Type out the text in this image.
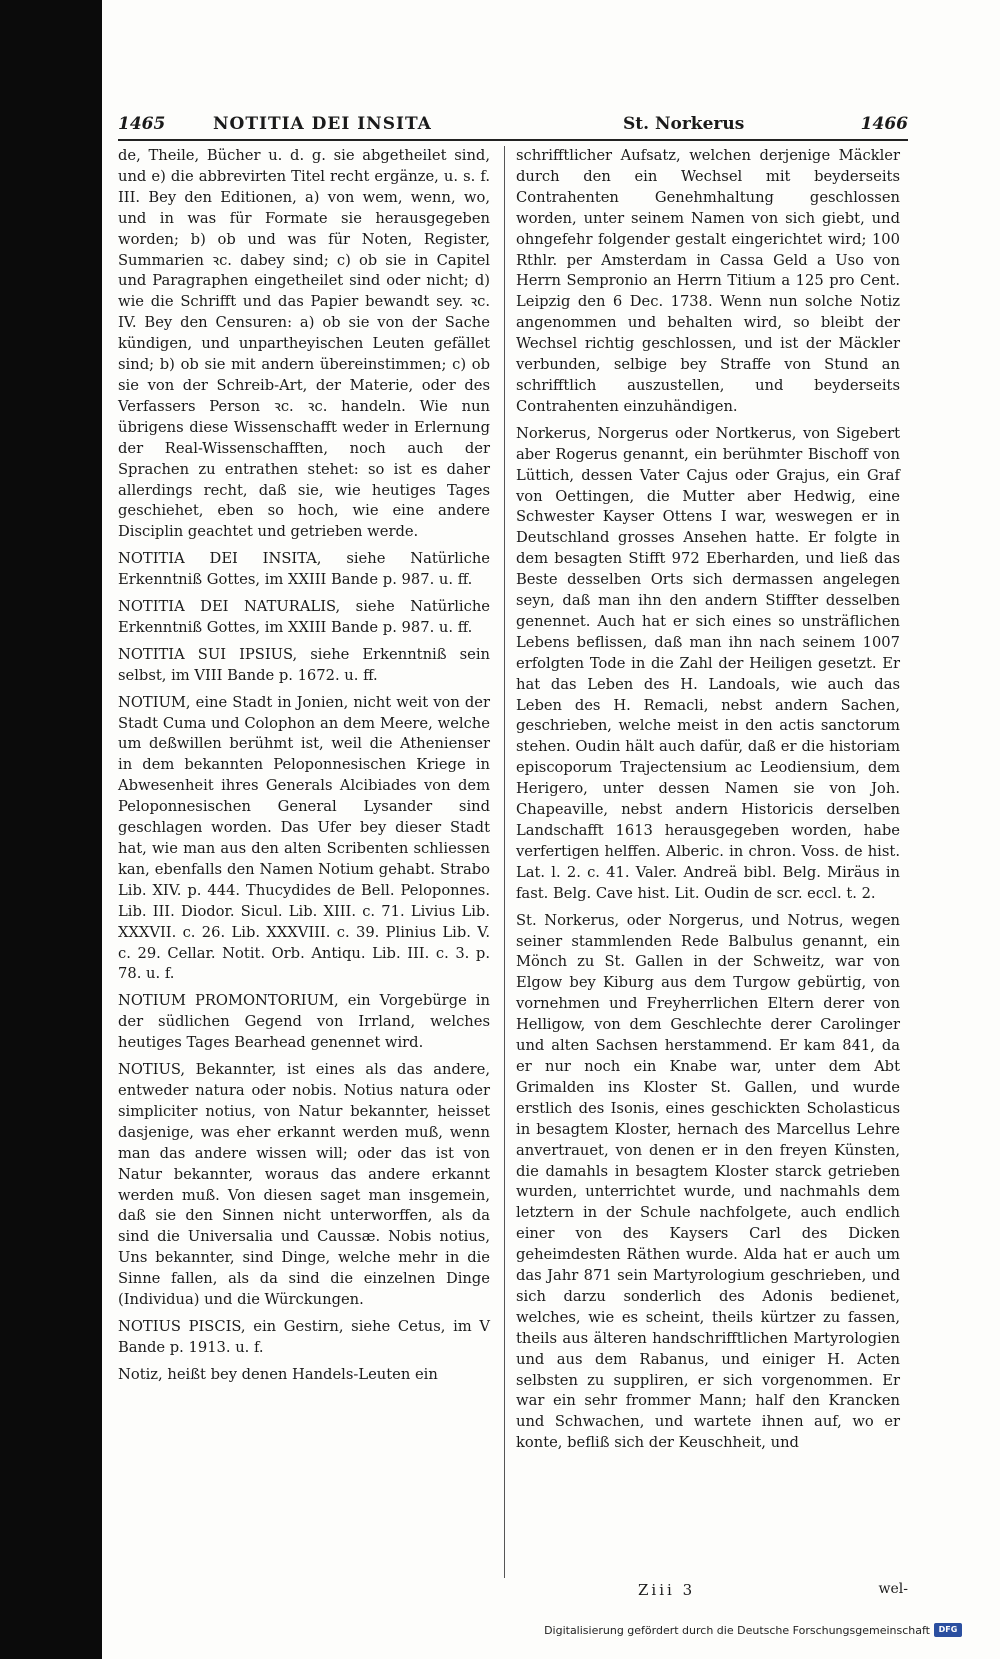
1465	NOTITIA DEI INSITA	St. Norkerus	1466

de, Theile, Bücher u. d. g. sie abgetheilet sind, und e) die abbrevirten Titel recht ergänze, u. s. f. III. Bey den Editionen, a) von wem, wenn, wo, und in was für Formate sie herausgegeben worden; b) ob und was für Noten, Register, Summarien ꝛc. dabey sind; c) ob sie in Capitel und Paragraphen eingetheilet sind oder nicht; d) wie die Schrifft und das Papier bewandt sey. ꝛc. IV. Bey den Censuren: a) ob sie von der Sache kündigen, und unpartheyischen Leuten gefället sind; b) ob sie mit andern übereinstimmen; c) ob sie von der Schreib-Art, der Materie, oder des Verfassers Person ꝛc. ꝛc. handeln. Wie nun übrigens diese Wissenschafft weder in Erlernung der Real-Wissenschafften, noch auch der Sprachen zu entrathen stehet: so ist es daher allerdings recht, daß sie, wie heutiges Tages geschiehet, eben so hoch, wie eine andere Disciplin geachtet und getrieben werde.

NOTITIA DEI INSITA, siehe Natürliche Erkenntniß Gottes, im XXIII Bande p. 987. u. ff.

NOTITIA DEI NATURALIS, siehe Natürliche Erkenntniß Gottes, im XXIII Bande p. 987. u. ff.

NOTITIA SUI IPSIUS, siehe Erkenntniß sein selbst, im VIII Bande p. 1672. u. ff.

NOTIUM, eine Stadt in Jonien, nicht weit von der Stadt Cuma und Colophon an dem Meere, welche um deßwillen berühmt ist, weil die Athenienser in dem bekannten Peloponnesischen Kriege in Abwesenheit ihres Generals Alcibiades von dem Peloponnesischen General Lysander sind geschlagen worden. Das Ufer bey dieser Stadt hat, wie man aus den alten Scribenten schliessen kan, ebenfalls den Namen Notium gehabt. Strabo Lib. XIV. p. 444. Thucydides de Bell. Peloponnes. Lib. III. Diodor. Sicul. Lib. XIII. c. 71. Livius Lib. XXXVII. c. 26. Lib. XXXVIII. c. 39. Plinius Lib. V. c. 29. Cellar. Notit. Orb. Antiqu. Lib. III. c. 3. p. 78. u. f.

NOTIUM PROMONTORIUM, ein Vorgebürge in der südlichen Gegend von Irrland, welches heutiges Tages Bearhead genennet wird.

NOTIUS, Bekannter, ist eines als das andere, entweder natura oder nobis. Notius natura oder simpliciter notius, von Natur bekannter, heisset dasjenige, was eher erkannt werden muß, wenn man das andere wissen will; oder das ist von Natur bekannter, woraus das andere erkannt werden muß. Von diesen saget man insgemein, daß sie den Sinnen nicht unterworffen, als da sind die Universalia und Caussæ. Nobis notius, Uns bekannter, sind Dinge, welche mehr in die Sinne fallen, als da sind die einzelnen Dinge (Individua) und die Würckungen.

NOTIUS PISCIS, ein Gestirn, siehe Cetus, im V Bande p. 1913. u. f.

Notiz, heißt bey denen Handels-Leuten ein

schrifftlicher Aufsatz, welchen derjenige Mäckler durch den ein Wechsel mit beyderseits Contrahenten Genehmhaltung geschlossen worden, unter seinem Namen von sich giebt, und ohngefehr folgender gestalt eingerichtet wird; 100 Rthlr. per Amsterdam in Cassa Geld a Uso von Herrn Sempronio an Herrn Titium a 125 pro Cent. Leipzig den 6 Dec. 1738. Wenn nun solche Notiz angenommen und behalten wird, so bleibt der Wechsel richtig geschlossen, und ist der Mäckler verbunden, selbige bey Straffe von Stund an schrifftlich auszustellen, und beyderseits Contrahenten einzuhändigen.

Norkerus, Norgerus oder Nortkerus, von Sigebert aber Rogerus genannt, ein berühmter Bischoff von Lüttich, dessen Vater Cajus oder Grajus, ein Graf von Oettingen, die Mutter aber Hedwig, eine Schwester Kayser Ottens I war, weswegen er in Deutschland grosses Ansehen hatte. Er folgte in dem besagten Stifft 972 Eberharden, und ließ das Beste desselben Orts sich dermassen angelegen seyn, daß man ihn den andern Stiffter desselben genennet. Auch hat er sich eines so unsträflichen Lebens beflissen, daß man ihn nach seinem 1007 erfolgten Tode in die Zahl der Heiligen gesetzt. Er hat das Leben des H. Landoals, wie auch das Leben des H. Remacli, nebst andern Sachen, geschrieben, welche meist in den actis sanctorum stehen. Oudin hält auch dafür, daß er die historiam episcoporum Trajectensium ac Leodiensium, dem Herigero, unter dessen Namen sie von Joh. Chapeaville, nebst andern Historicis derselben Landschafft 1613 herausgegeben worden, habe verfertigen helffen. Alberic. in chron. Voss. de hist. Lat. l. 2. c. 41. Valer. Andreä bibl. Belg. Miräus in fast. Belg. Cave hist. Lit. Oudin de scr. eccl. t. 2.

St. Norkerus, oder Norgerus, und Notrus, wegen seiner stammlenden Rede Balbulus genannt, ein Mönch zu St. Gallen in der Schweitz, war von Elgow bey Kiburg aus dem Turgow gebürtig, von vornehmen und Freyherrlichen Eltern derer von Helligow, von dem Geschlechte derer Carolinger und alten Sachsen herstammend. Er kam 841, da er nur noch ein Knabe war, unter dem Abt Grimalden ins Kloster St. Gallen, und wurde erstlich des Isonis, eines geschickten Scholasticus in besagtem Kloster, hernach des Marcellus Lehre anvertrauet, von denen er in den freyen Künsten, die damahls in besagtem Kloster starck getrieben wurden, unterrichtet wurde, und nachmahls dem letztern in der Schule nachfolgete, auch endlich einer von des Kaysers Carl des Dicken geheimdesten Räthen wurde. Alda hat er auch um das Jahr 871 sein Martyrologium geschrieben, und sich darzu sonderlich des Adonis bedienet, welches, wie es scheint, theils kürtzer zu fassen, theils aus älteren handschrifftlichen Martyrologien und aus dem Rabanus, und einiger H. Acten selbsten zu suppliren, er sich vorgenommen. Er war ein sehr frommer Mann; half den Krancken und Schwachen, und wartete ihnen auf, wo er konte, befliß sich der Keuschheit, und

Ziii 3	wel-
Digitalisierung gefördert durch die Deutsche Forschungsgemeinschaft	DFG
